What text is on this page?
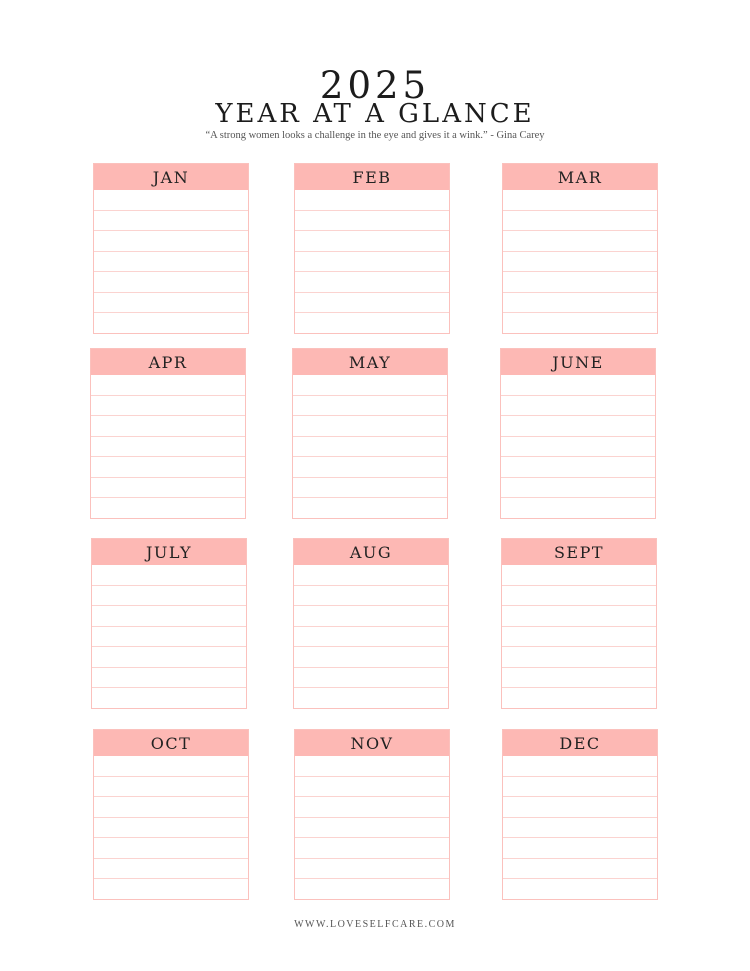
2025
YEAR AT A GLANCE
“A strong women looks a challenge in the eye and gives it a wink.” - Gina Carey
JAN	FEB	MAR
APR	MAY	JUNE
JULY	AUG	SEPT
OCT	NOV	DEC
WWW.LOVESELFCARE.COM
